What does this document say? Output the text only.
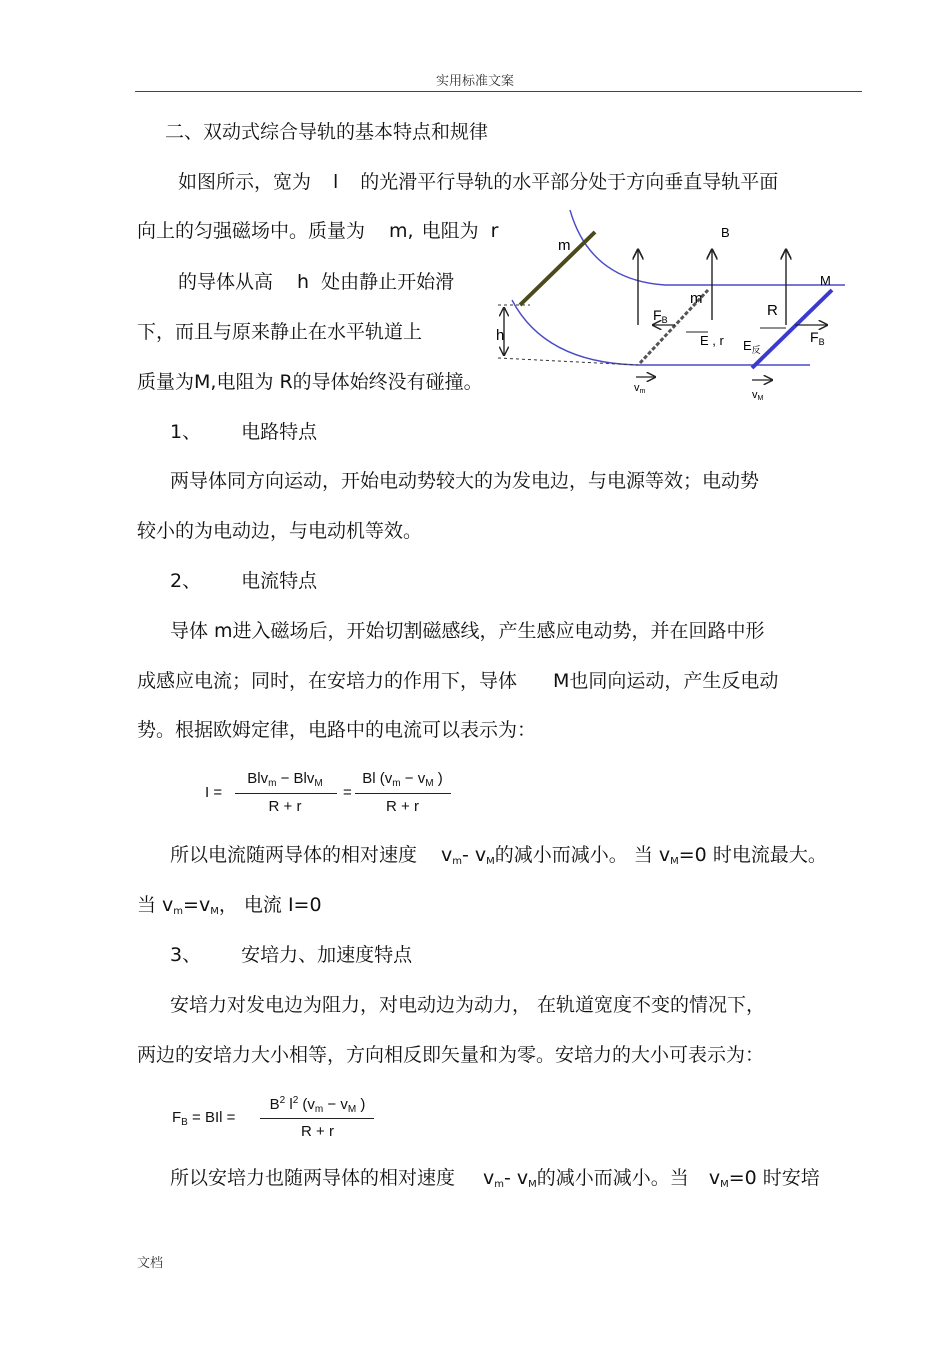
实用标准文案
二、双动式综合导轨的基本特点和规律
如图所示，宽为 l 的光滑平行导轨的水平部分处于方向垂直导轨平面
向上的匀强磁场中。质量为 m, 电阻为 r
的导体从高 h 处由静止开始滑
下，而且与原来静止在水平轨道上
质量为M,电阻为 R的导体始终没有碰撞。
h
m
m
B
M
$F_B$
$F_B$
R
E , r $E_反$
vm	vM
1、 电路特点
两导体同方向运动，开始电动势较大的为发电边，与电源等效；电动势
较小的为电动边，与电动机等效。
2、 电流特点
导体 m进入磁场后，开始切割磁感线，产生感应电动势，并在回路中形
成感应电流；同时，在安培力的作用下，导体 M也同向运动，产生反电动
势。根据欧姆定律，电路中的电流可以表示为：
I =
Blv$_m$ − Blv$_M$
R + r
=
Bl ($v_m - v_M$ )
R + r
所以电流随两导体的相对速度 $v_m-$ $v_M$的减小而减小。 当 $v_M=0$ 时电流最大。
当 $v_m=v_M$， 电流 I=0
3、 安培力、加速度特点
安培力对发电边为阻力，对电动边为动力， 在轨道宽度不变的情况下，
两边的安培力大小相等，方向相反即矢量和为零。安培力的大小可表示为：
$F_B$ = BIl =
$B^2$ $l^2$ ($v_m - v_M$ )
R + r
所以安培力也随两导体的相对速度 $v_m-$ $v_M$的减小而减小。当 $v_M=0$ 时安培
文档
